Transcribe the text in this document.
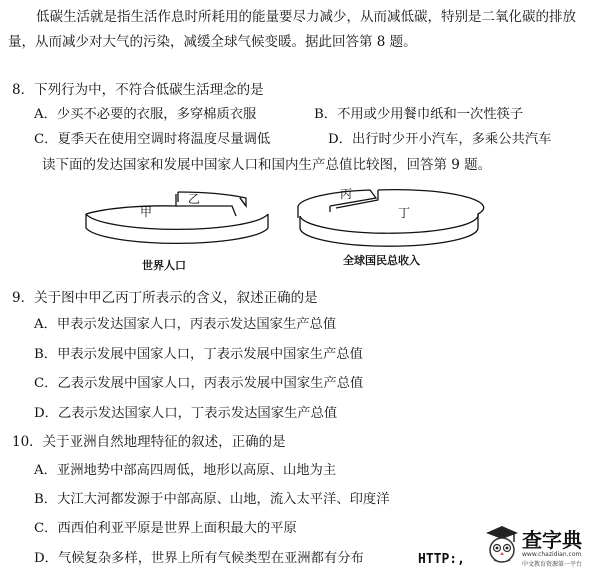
低碳生活就是指生活作息时所耗用的能量要尽力减少，从而减低碳，特别是二氧化碳的排放
量，从而减少对大气的污染，减缓全球气候变暖。据此回答第 8 题。
8．下列行为中，不符合低碳生活理念的是
A．少买不必要的衣服，多穿棉质衣服	B．不用或少用餐巾纸和一次性筷子
C．夏季天在使用空调时将温度尽量调低	D．出行时少开小汽车，多乘公共汽车
读下面的发达国家和发展中国家人口和国内生产总值比较图，回答第 9 题。
甲
乙	丙
丁
世界人口	全球国民总收入
9．关于图中甲乙丙丁所表示的含义，叙述正确的是
A．甲表示发达国家人口，丙表示发达国家生产总值
B．甲表示发展中国家人口，丁表示发展中国家生产总值
C．乙表示发展中国家人口，丙表示发展中国家生产总值
D．乙表示发达国家人口，丁表示发达国家生产总值
10．关于亚洲自然地理特征的叙述，正确的是
A．亚洲地势中部高四周低，地形以高原、山地为主
B．大江大河都发源于中部高原、山地，流入太平洋、印度洋
C．西西伯利亚平原是世界上面积最大的平原
D．气候复杂多样，世界上所有气候类型在亚洲都有分布	HTTP:,
查字典
www.chazidian.com
中文教育资源第一平台
